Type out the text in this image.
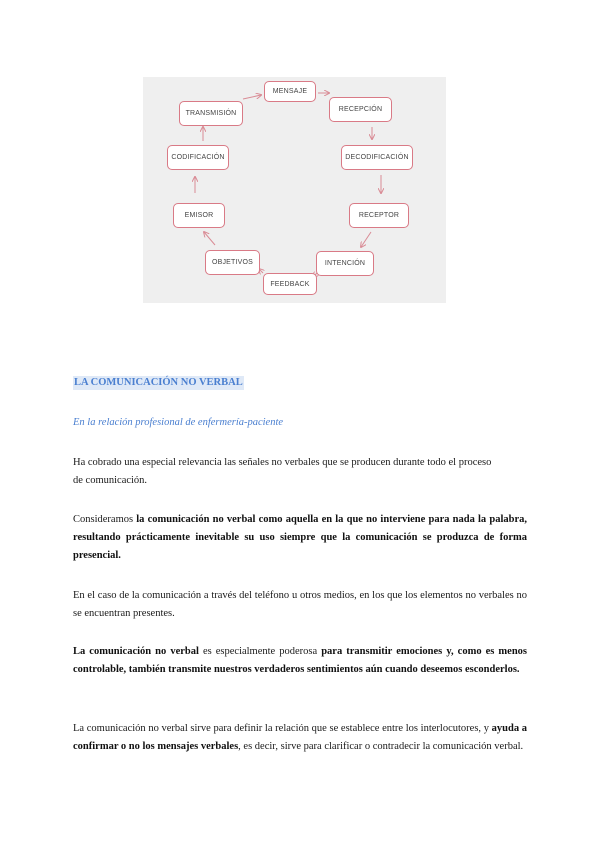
MENSAJE
RECEPCIÓN
DECODIFICACIÓN
RECEPTOR
INTENCIÓN
FEEDBACK
OBJETIVOS
EMISOR
CODIFICACIÓN
TRANSMISIÓN

LA COMUNICACIÓN NO VERBAL

En la relación profesional de enfermería-paciente

Ha cobrado una especial relevancia las señales no verbales que se producen durante todo el proceso
de comunicación.

Consideramos la comunicación no verbal como aquella en la que no interviene para nada la palabra, resultando prácticamente inevitable su uso siempre que la comunicación se produzca de forma presencial.

En el caso de la comunicación a través del teléfono u otros medios, en los que los elementos no verbales no se encuentran presentes.

La comunicación no verbal es especialmente poderosa para transmitir emociones y, como es menos controlable, también transmite nuestros verdaderos sentimientos aún cuando deseemos esconderlos.

La comunicación no verbal sirve para definir la relación que se establece entre los interlocutores, y ayuda a confirmar o no los mensajes verbales, es decir, sirve para clarificar o contradecir la comunicación verbal.
